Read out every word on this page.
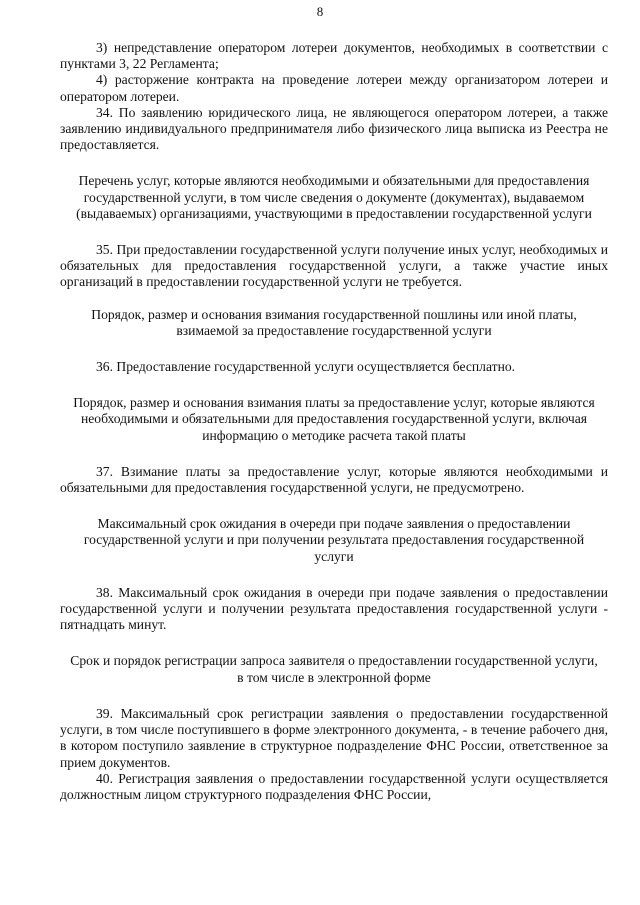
8

3) непредставление оператором лотереи документов, необходимых в соответствии с пунктами 3, 22 Регламента;

4) расторжение контракта на проведение лотереи между организатором лотереи и оператором лотереи.

34. По заявлению юридического лица, не являющегося оператором лотереи, а также заявлению индивидуального предпринимателя либо физического лица выписка из Реестра не предоставляется.

Перечень услуг, которые являются необходимыми и обязательными для предоставления государственной услуги, в том числе сведения о документе (документах), выдаваемом (выдаваемых) организациями, участвующими в предоставлении государственной услуги

35. При предоставлении государственной услуги получение иных услуг, необходимых и обязательных для предоставления государственной услуги, а также участие иных организаций в предоставлении государственной услуги не требуется.

Порядок, размер и основания взимания государственной пошлины или иной платы, взимаемой за предоставление государственной услуги

36. Предоставление государственной услуги осуществляется бесплатно.

Порядок, размер и основания взимания платы за предоставление услуг, которые являются необходимыми и обязательными для предоставления государственной услуги, включая информацию о методике расчета такой платы

37. Взимание платы за предоставление услуг, которые являются необходимыми и обязательными для предоставления государственной услуги, не предусмотрено.

Максимальный срок ожидания в очереди при подаче заявления о предоставлении государственной услуги и при получении результата предоставления государственной услуги

38. Максимальный срок ожидания в очереди при подаче заявления о предоставлении государственной услуги и получении результата предоставления государственной услуги - пятнадцать минут.

Срок и порядок регистрации запроса заявителя о предоставлении государственной услуги, в том числе в электронной форме

39. Максимальный срок регистрации заявления о предоставлении государственной услуги, в том числе поступившего в форме электронного документа, - в течение рабочего дня, в котором поступило заявление в структурное подразделение ФНС России, ответственное за прием документов.

40. Регистрация заявления о предоставлении государственной услуги осуществляется должностным лицом структурного подразделения ФНС России,
